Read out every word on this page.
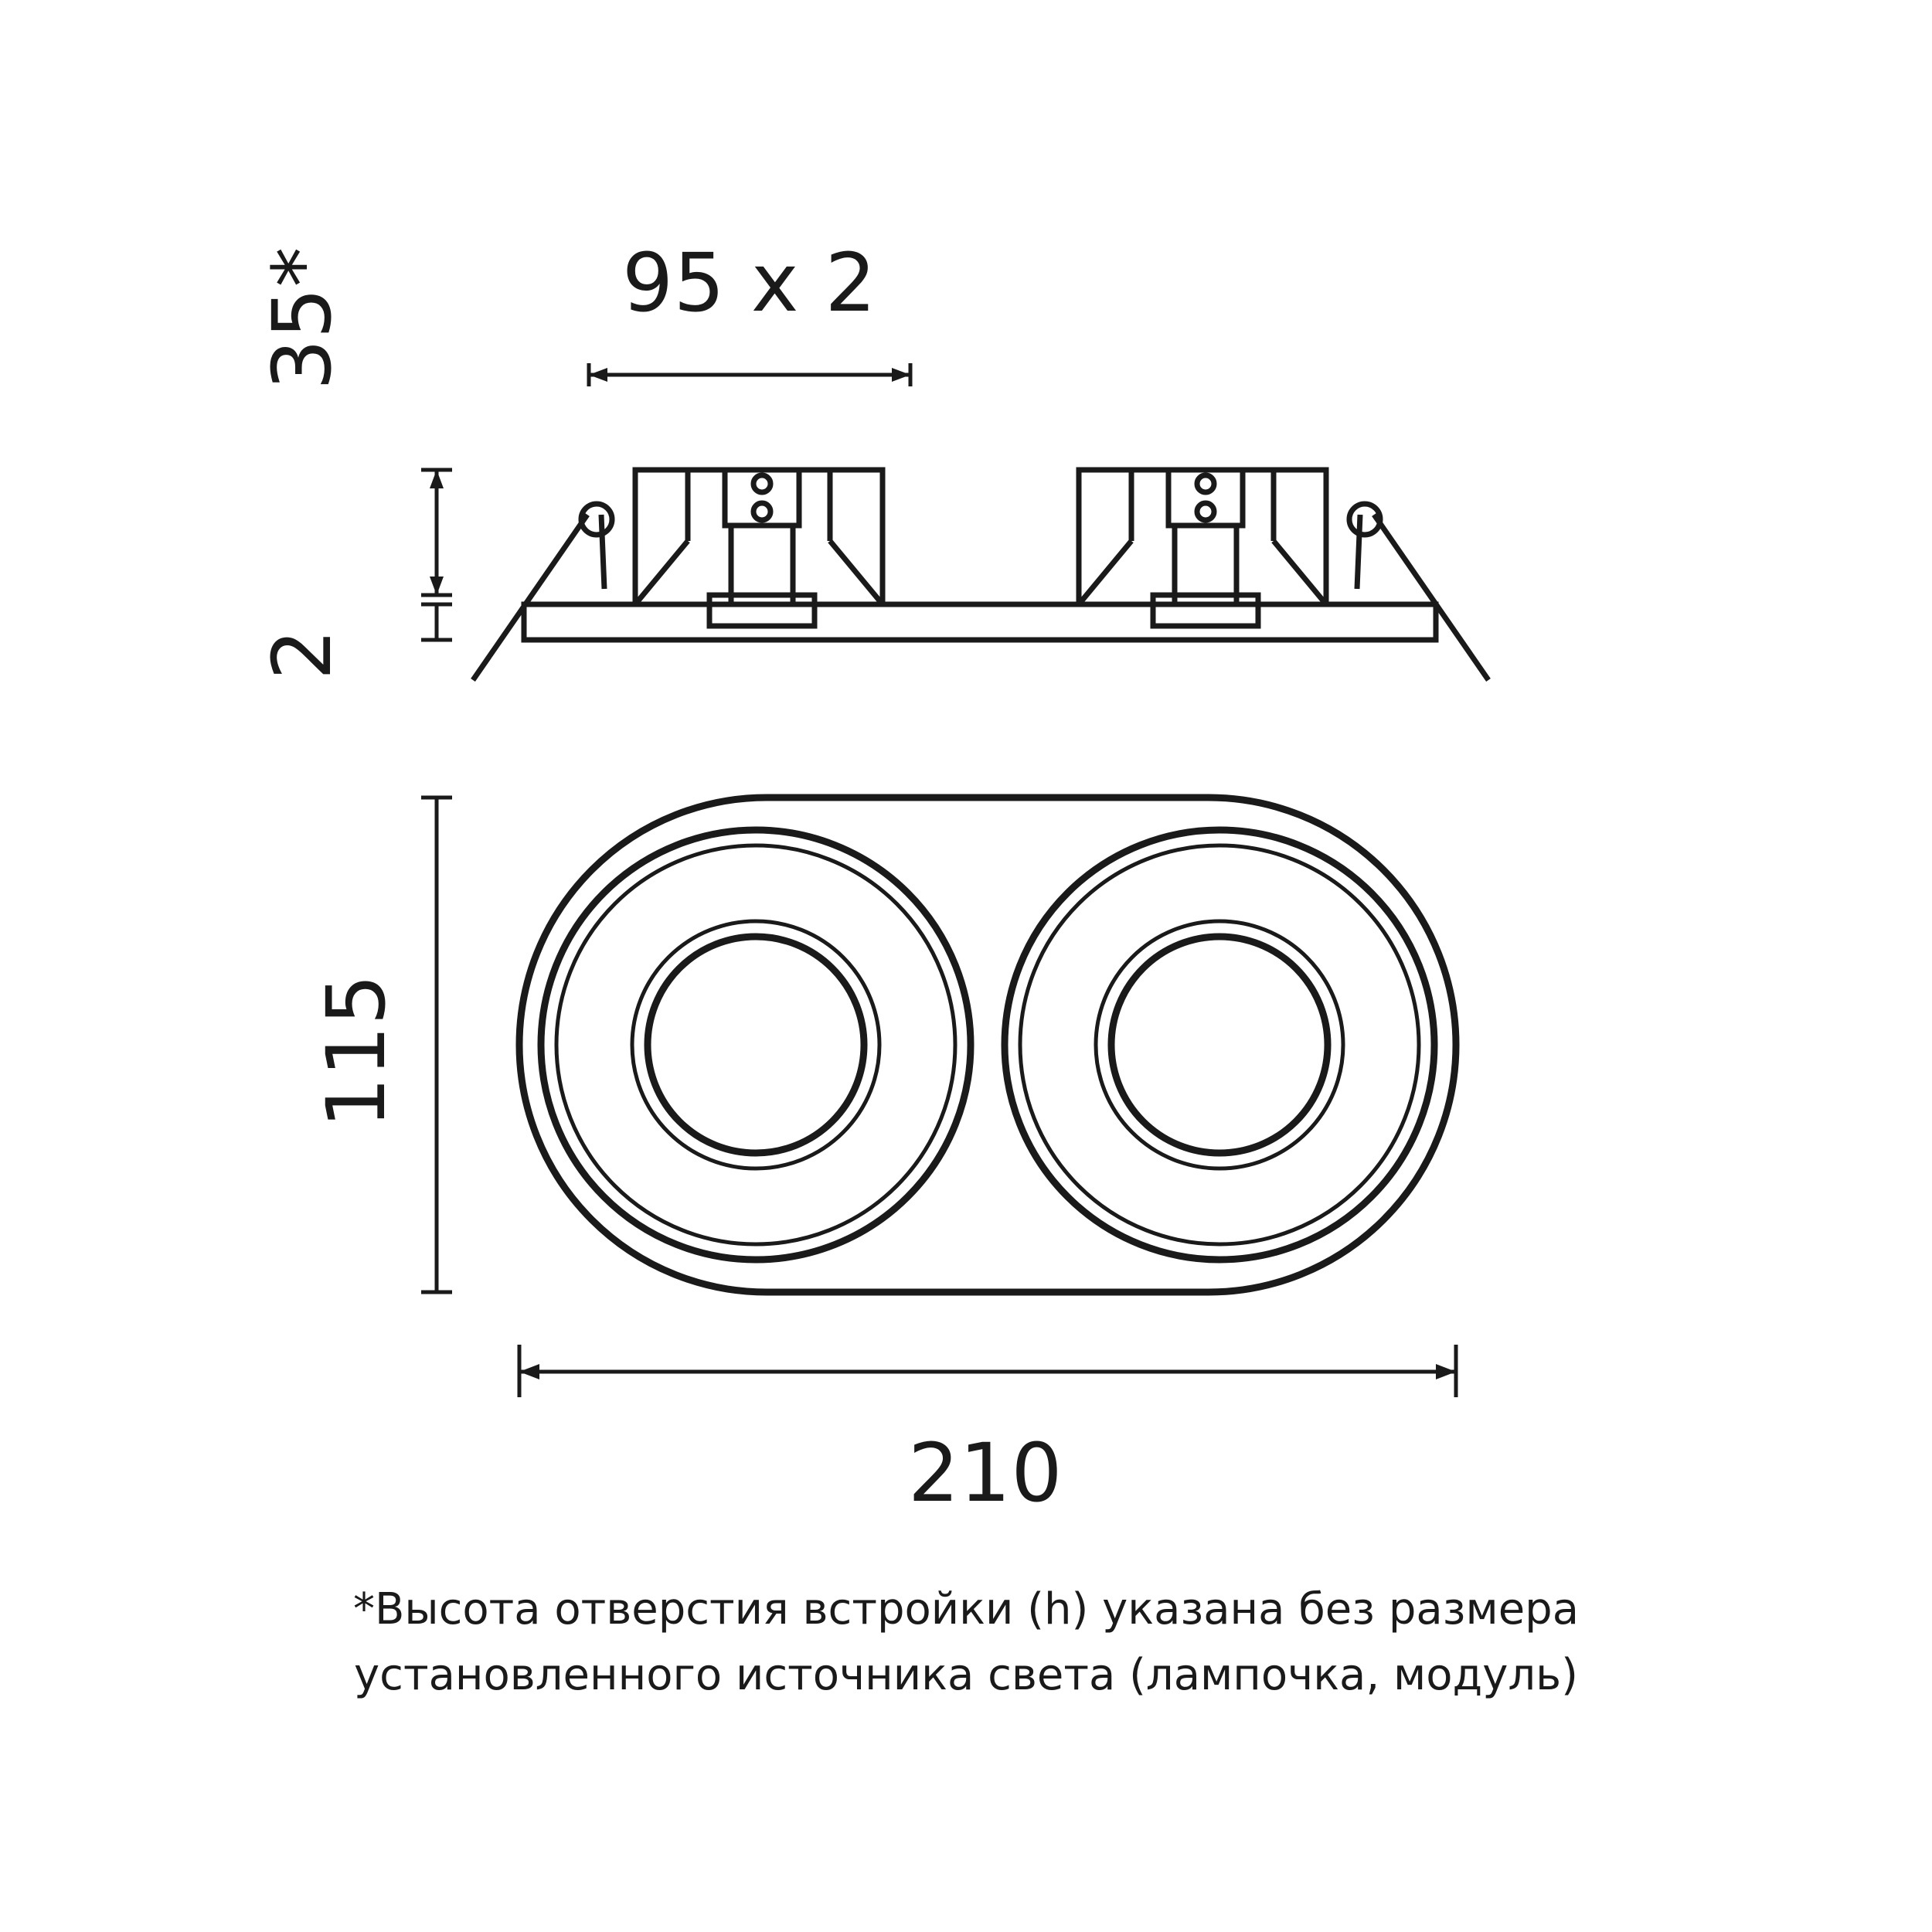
95 x 2
35*
2
115
210
*Высота отверстия встройки (h) указана без размера
установленного источника света (лампочка, модуль)
